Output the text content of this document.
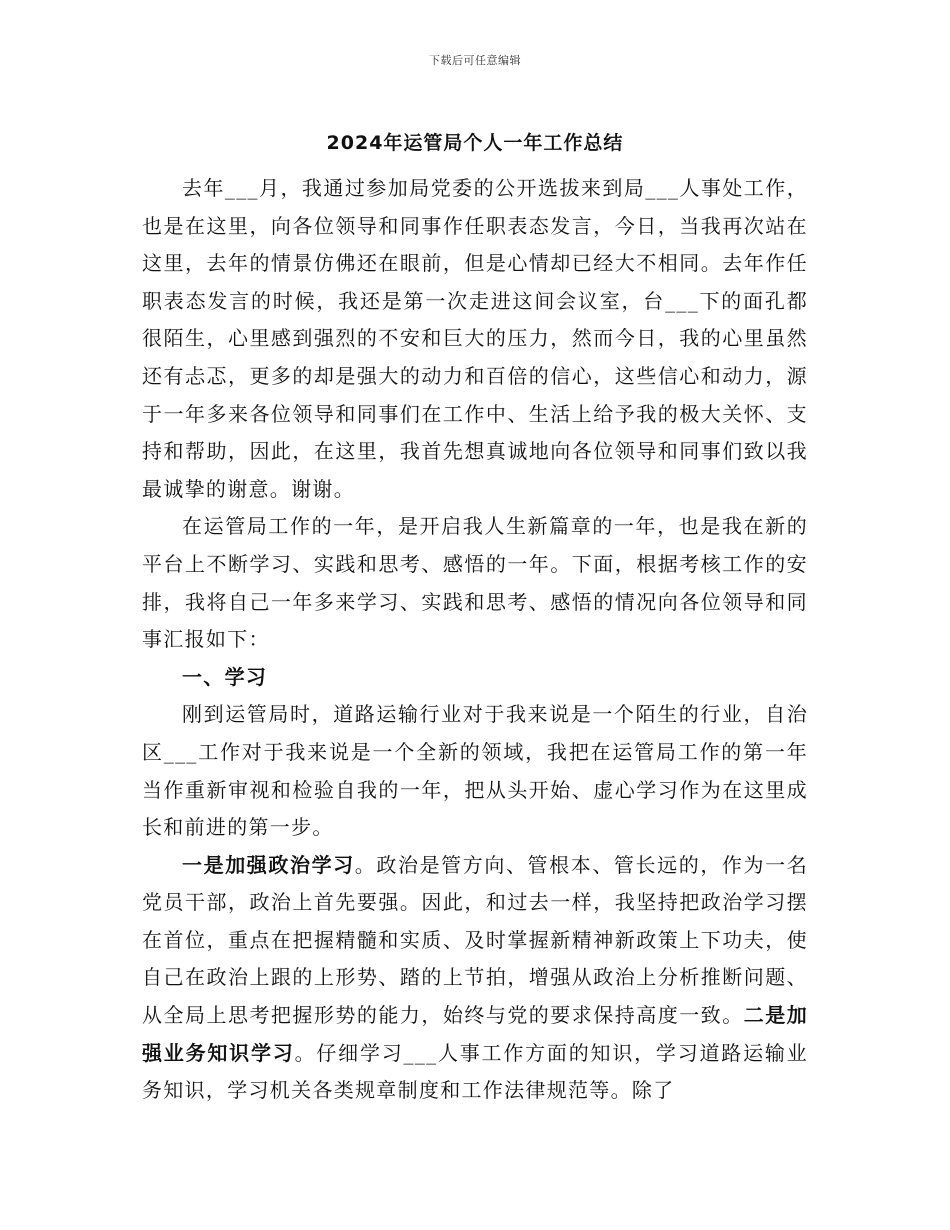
下载后可任意编辑
2024年运管局个人一年工作总结

去年___月，我通过参加局党委的公开选拔来到局___人事处工作，也是在这里，向各位领导和同事作任职表态发言，今日，当我再次站在这里，去年的情景仿佛还在眼前，但是心情却已经大不相同。去年作任职表态发言的时候，我还是第一次走进这间会议室，台___下的面孔都很陌生，心里感到强烈的不安和巨大的压力，然而今日，我的心里虽然还有忐忑，更多的却是强大的动力和百倍的信心，这些信心和动力，源于一年多来各位领导和同事们在工作中、生活上给予我的极大关怀、支持和帮助，因此，在这里，我首先想真诚地向各位领导和同事们致以我最诚挚的谢意。谢谢。

在运管局工作的一年，是开启我人生新篇章的一年，也是我在新的平台上不断学习、实践和思考、感悟的一年。下面，根据考核工作的安排，我将自己一年多来学习、实践和思考、感悟的情况向各位领导和同事汇报如下：

一、学习

刚到运管局时，道路运输行业对于我来说是一个陌生的行业，自治区___工作对于我来说是一个全新的领域，我把在运管局工作的第一年当作重新审视和检验自我的一年，把从头开始、虚心学习作为在这里成长和前进的第一步。

一是加强政治学习。政治是管方向、管根本、管长远的，作为一名党员干部，政治上首先要强。因此，和过去一样，我坚持把政治学习摆在首位，重点在把握精髓和实质、及时掌握新精神新政策上下功夫，使自己在政治上跟的上形势、踏的上节拍，增强从政治上分析推断问题、从全局上思考把握形势的能力，始终与党的要求保持高度一致。二是加强业务知识学习。仔细学习___人事工作方面的知识，学习道路运输业务知识，学习机关各类规章制度和工作法律规范等。除了
